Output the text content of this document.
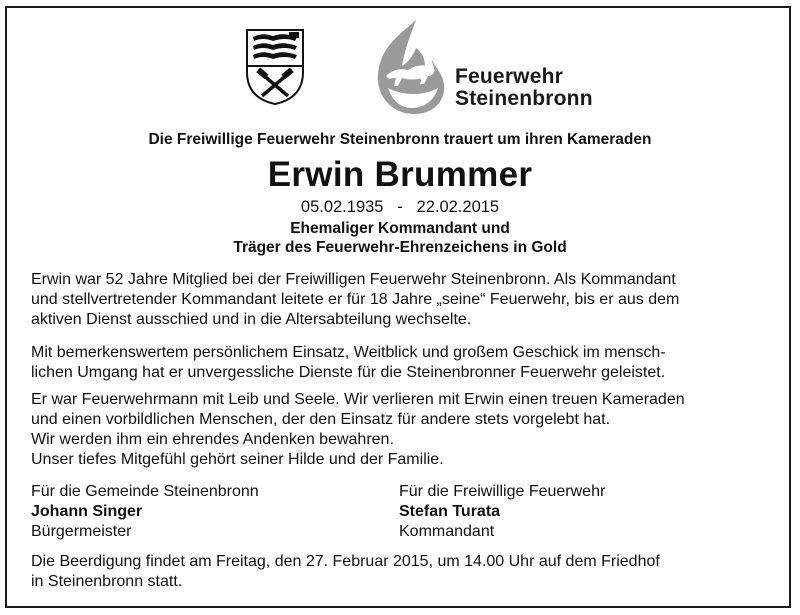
Feuerwehr
Steinenbronn
Die Freiwillige Feuerwehr Steinenbronn trauert um ihren Kameraden
Erwin Brummer
05.02.1935 - 22.02.2015
Ehemaliger Kommandant und
Träger des Feuerwehr-Ehrenzeichens in Gold
Erwin war 52 Jahre Mitglied bei der Freiwilligen Feuerwehr Steinenbronn. Als Kommandant
und stellvertretender Kommandant leitete er für 18 Jahre „seine“ Feuerwehr, bis er aus dem
aktiven Dienst ausschied und in die Altersabteilung wechselte.
Mit bemerkenswertem persönlichem Einsatz, Weitblick und großem Geschick im mensch-
lichen Umgang hat er unvergessliche Dienste für die Steinenbronner Feuerwehr geleistet.
Er war Feuerwehrmann mit Leib und Seele. Wir verlieren mit Erwin einen treuen Kameraden
und einen vorbildlichen Menschen, der den Einsatz für andere stets vorgelebt hat.
Wir werden ihm ein ehrendes Andenken bewahren.
Unser tiefes Mitgefühl gehört seiner Hilde und der Familie.
Für die Gemeinde Steinenbronn
Johann Singer
Bürgermeister
Für die Freiwillige Feuerwehr
Stefan Turata
Kommandant
Die Beerdigung findet am Freitag, den 27. Februar 2015, um 14.00 Uhr auf dem Friedhof
in Steinenbronn statt.
